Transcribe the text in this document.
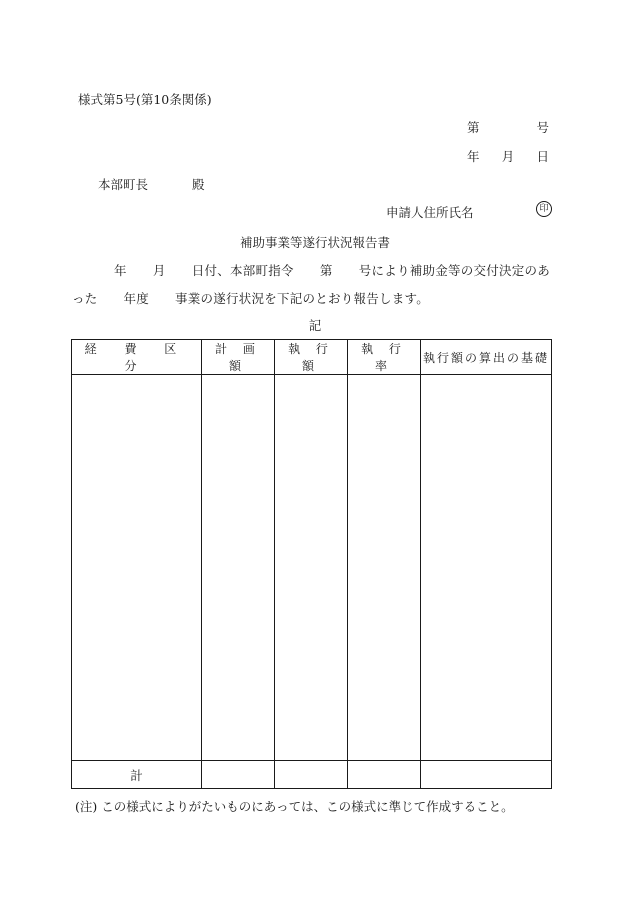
様式第5号(第10条関係)
第	号
年 月 日
本部町長	殿
申請人住所氏名	印
補助事業等遂行状況報告書
年 月 日付、本部町指令 第 号により補助金等の交付決定のあ
った 年度 事業の遂行状況を下記のとおり報告します。
記
経 費 区 分	計 画 額	執 行 額	執 行 率	執行額の算出の基礎

計				
(注) この様式によりがたいものにあっては、この様式に準じて作成すること。
